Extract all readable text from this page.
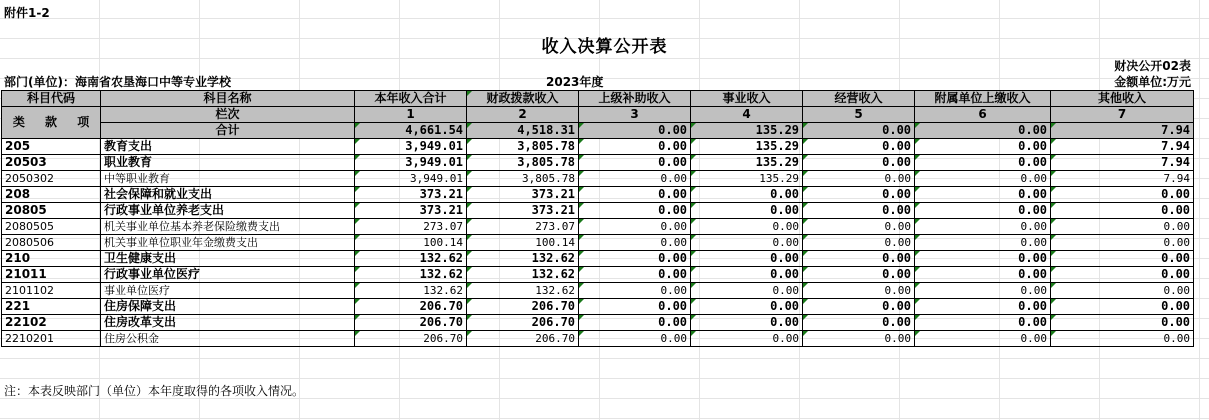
附件1-2
收入决算公开表
财决公开02表
部门(单位)：海南省农垦海口中等专业学校	2023年度	金额单位:万元
科目代码	科目名称	本年收入合计	财政拨款收入	上级补助收入	事业收入	经营收入	附属单位上缴收入	其他收入
类 款 项	栏次	1	2	3	4	5	6	7
	合计	4,661.54	4,518.31	0.00	135.29	0.00	0.00	7.94
205	教育支出	3,949.01	3,805.78	0.00	135.29	0.00	0.00	7.94
20503	职业教育	3,949.01	3,805.78	0.00	135.29	0.00	0.00	7.94
2050302	中等职业教育	3,949.01	3,805.78	0.00	135.29	0.00	0.00	7.94
208	社会保障和就业支出	373.21	373.21	0.00	0.00	0.00	0.00	0.00
20805	行政事业单位养老支出	373.21	373.21	0.00	0.00	0.00	0.00	0.00
2080505	机关事业单位基本养老保险缴费支出	273.07	273.07	0.00	0.00	0.00	0.00	0.00
2080506	机关事业单位职业年金缴费支出	100.14	100.14	0.00	0.00	0.00	0.00	0.00
210	卫生健康支出	132.62	132.62	0.00	0.00	0.00	0.00	0.00
21011	行政事业单位医疗	132.62	132.62	0.00	0.00	0.00	0.00	0.00
2101102	事业单位医疗	132.62	132.62	0.00	0.00	0.00	0.00	0.00
221	住房保障支出	206.70	206.70	0.00	0.00	0.00	0.00	0.00
22102	住房改革支出	206.70	206.70	0.00	0.00	0.00	0.00	0.00
2210201	住房公积金	206.70	206.70	0.00	0.00	0.00	0.00	0.00
注：本表反映部门（单位）本年度取得的各项收入情况。
